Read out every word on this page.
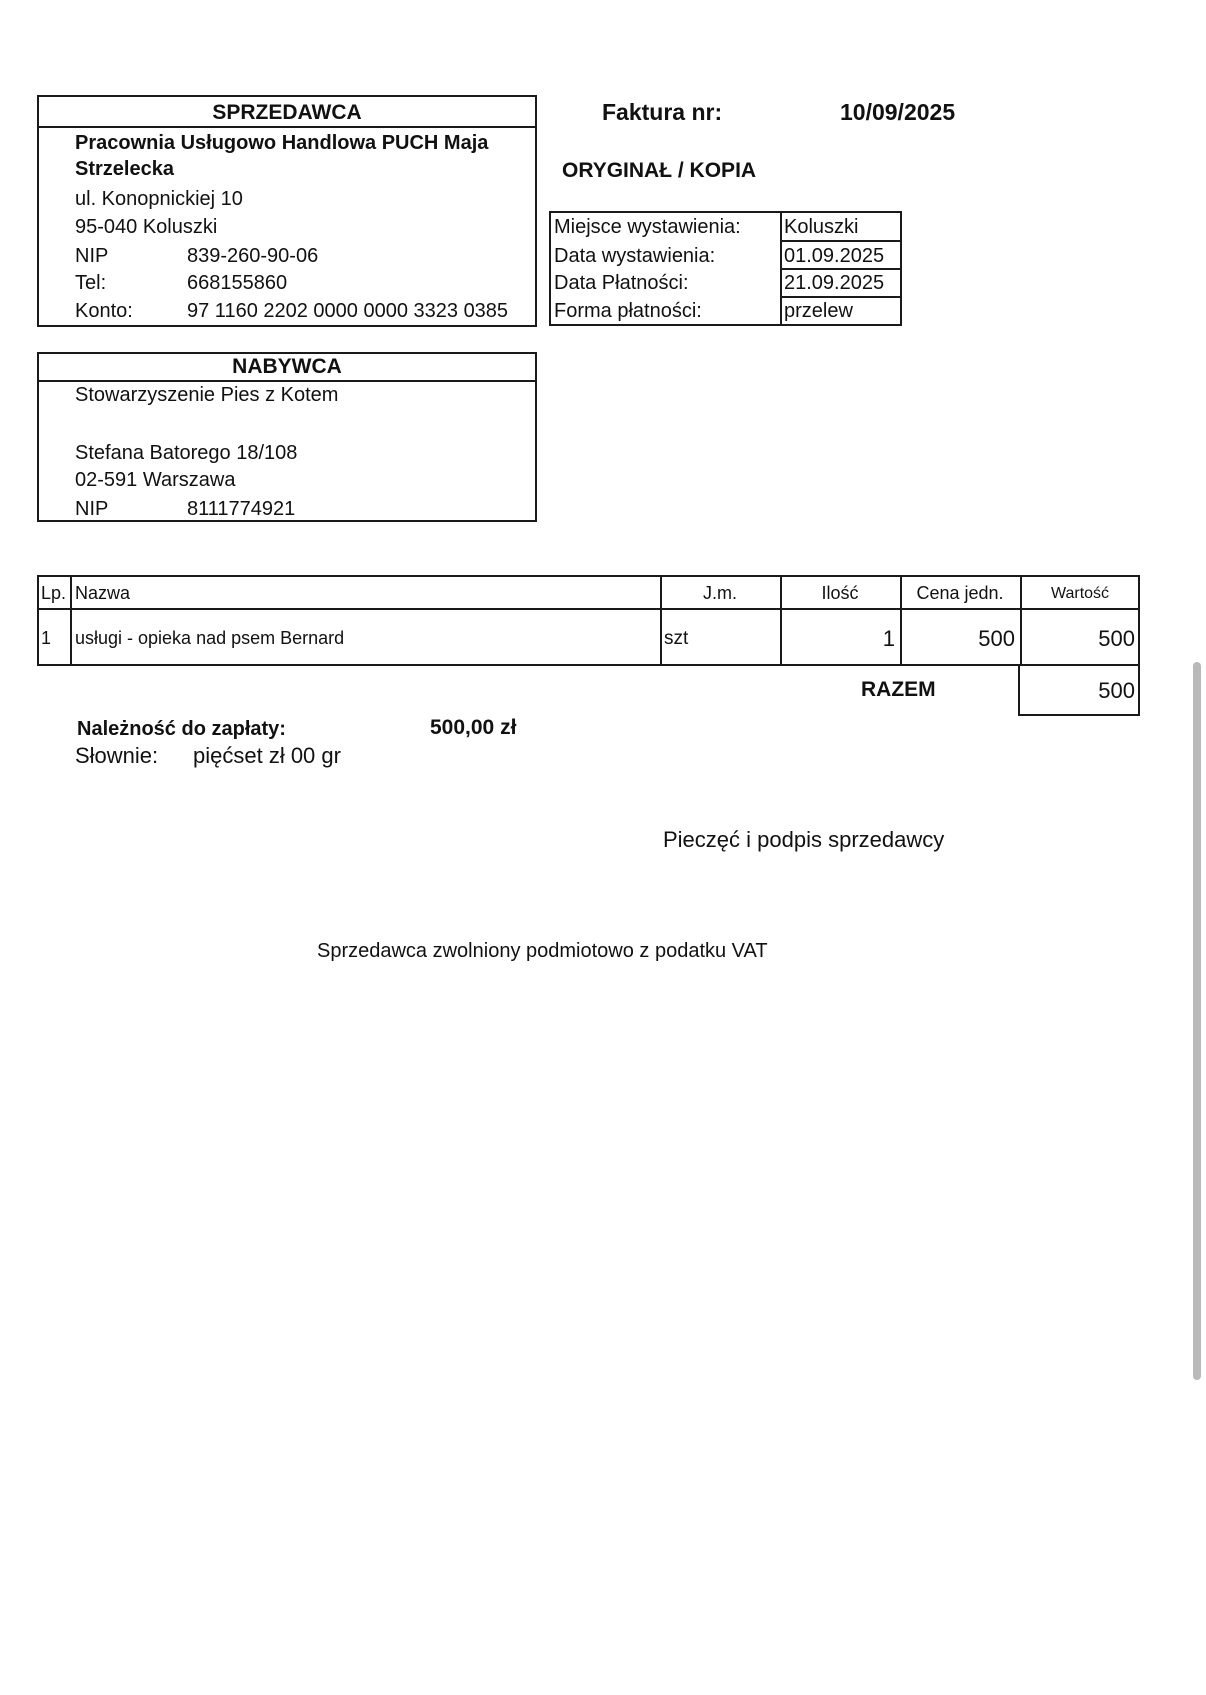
SPRZEDAWCA
Pracownia Usługowo Handlowa PUCH Maja
Strzelecka
ul. Konopnickiej 10
95-040 Koluszki
NIP	839-260-90-06
Tel:	668155860
Konto:	97 1160 2202 0000 0000 3323 0385
Faktura nr:	10/09/2025
ORYGINAŁ / KOPIA
Miejsce wystawienia: Koluszki
Data wystawienia:	01.09.2025
Data Płatności:	21.09.2025
Forma płatności:	przelew
NABYWCA
Stowarzyszenie Pies z Kotem
Stefana Batorego 18/108
02-591 Warszawa
NIP	8111774921
Lp. Nazwa	J.m.	Ilość	Cena jedn.	Wartość
1 usługi - opieka nad psem Bernard	szt	1	500	500
RAZEM	500
Należność do zapłaty:	500,00 zł
Słownie: pięćset zł 00 gr
Pieczęć i podpis sprzedawcy
Sprzedawca zwolniony podmiotowo z podatku VAT
